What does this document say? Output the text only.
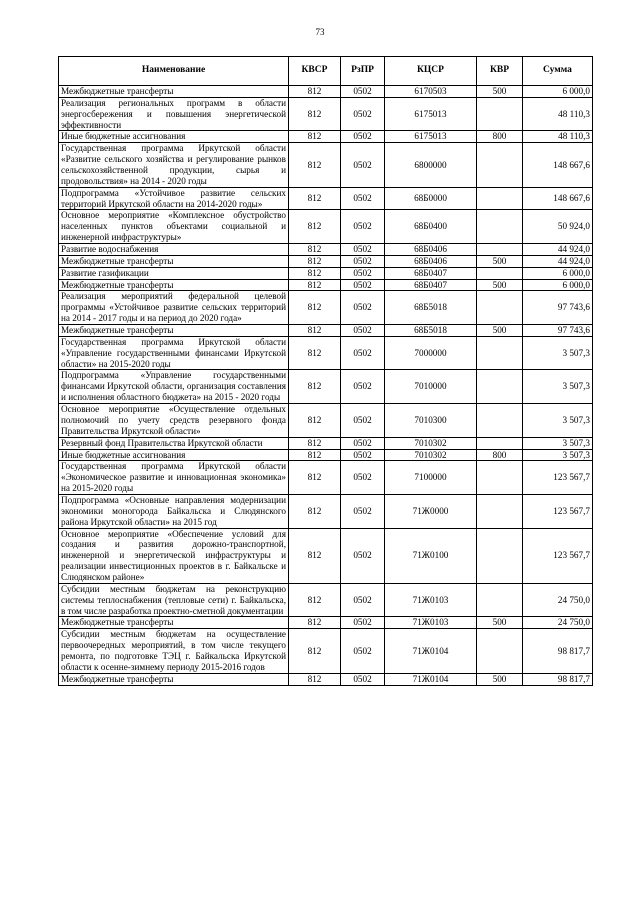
73
Наименование	КВСР	РзПР	КЦСР	КВР	Сумма
Межбюджетные трансферты	812	0502	6170503	500	6 000,0
Реализация региональных программ в области энергосбережения и повышения энергетической эффективности	812	0502	6175013		48 110,3
Иные бюджетные ассигнования	812	0502	6175013	800	48 110,3
Государственная программа Иркутской области «Развитие сельского хозяйства и регулирование рынков сельскохозяйственной продукции, сырья и продовольствия» на 2014 - 2020 годы	812	0502	6800000		148 667,6
Подпрограмма «Устойчивое развитие сельских территорий Иркутской области на 2014-2020 годы»	812	0502	68Б0000		148 667,6
Основное мероприятие «Комплексное обустройство населенных пунктов объектами социальной и инженерной инфраструктуры»	812	0502	68Б0400		50 924,0
Развитие водоснабжения	812	0502	68Б0406		44 924,0
Межбюджетные трансферты	812	0502	68Б0406	500	44 924,0
Развитие газификации	812	0502	68Б0407		6 000,0
Межбюджетные трансферты	812	0502	68Б0407	500	6 000,0
Реализация мероприятий федеральной целевой программы «Устойчивое развитие сельских территорий на 2014 - 2017 годы и на период до 2020 года»	812	0502	68Б5018		97 743,6
Межбюджетные трансферты	812	0502	68Б5018	500	97 743,6
Государственная программа Иркутской области «Управление государственными финансами Иркутской области» на 2015-2020 годы	812	0502	7000000		3 507,3
Подпрограмма «Управление государственными финансами Иркутской области, организация составления и исполнения областного бюджета» на 2015 - 2020 годы	812	0502	7010000		3 507,3
Основное мероприятие «Осуществление отдельных полномочий по учету средств резервного фонда Правительства Иркутской области»	812	0502	7010300		3 507,3
Резервный фонд Правительства Иркутской области	812	0502	7010302		3 507,3
Иные бюджетные ассигнования	812	0502	7010302	800	3 507,3
Государственная программа Иркутской области «Экономическое развитие и инновационная экономика» на 2015-2020 годы	812	0502	7100000		123 567,7
Подпрограмма «Основные направления модернизации экономики моногорода Байкальска и Слюдянского района Иркутской области» на 2015 год	812	0502	71Ж0000		123 567,7
Основное мероприятие «Обеспечение условий для создания и развития дорожно-транспортной, инженерной и энергетической инфраструктуры и реализации инвестиционных проектов в г. Байкальске и Слюдянском районе»	812	0502	71Ж0100		123 567,7
Субсидии местным бюджетам на реконструкцию системы теплоснабжения (тепловые сети) г. Байкальска, в том числе разработка проектно-сметной документации	812	0502	71Ж0103		24 750,0
Межбюджетные трансферты	812	0502	71Ж0103	500	24 750,0
Субсидии местным бюджетам на осуществление первоочередных мероприятий, в том числе текущего ремонта, по подготовке ТЭЦ г. Байкальска Иркутской области к осенне-зимнему периоду 2015-2016 годов	812	0502	71Ж0104		98 817,7
Межбюджетные трансферты	812	0502	71Ж0104	500	98 817,7
